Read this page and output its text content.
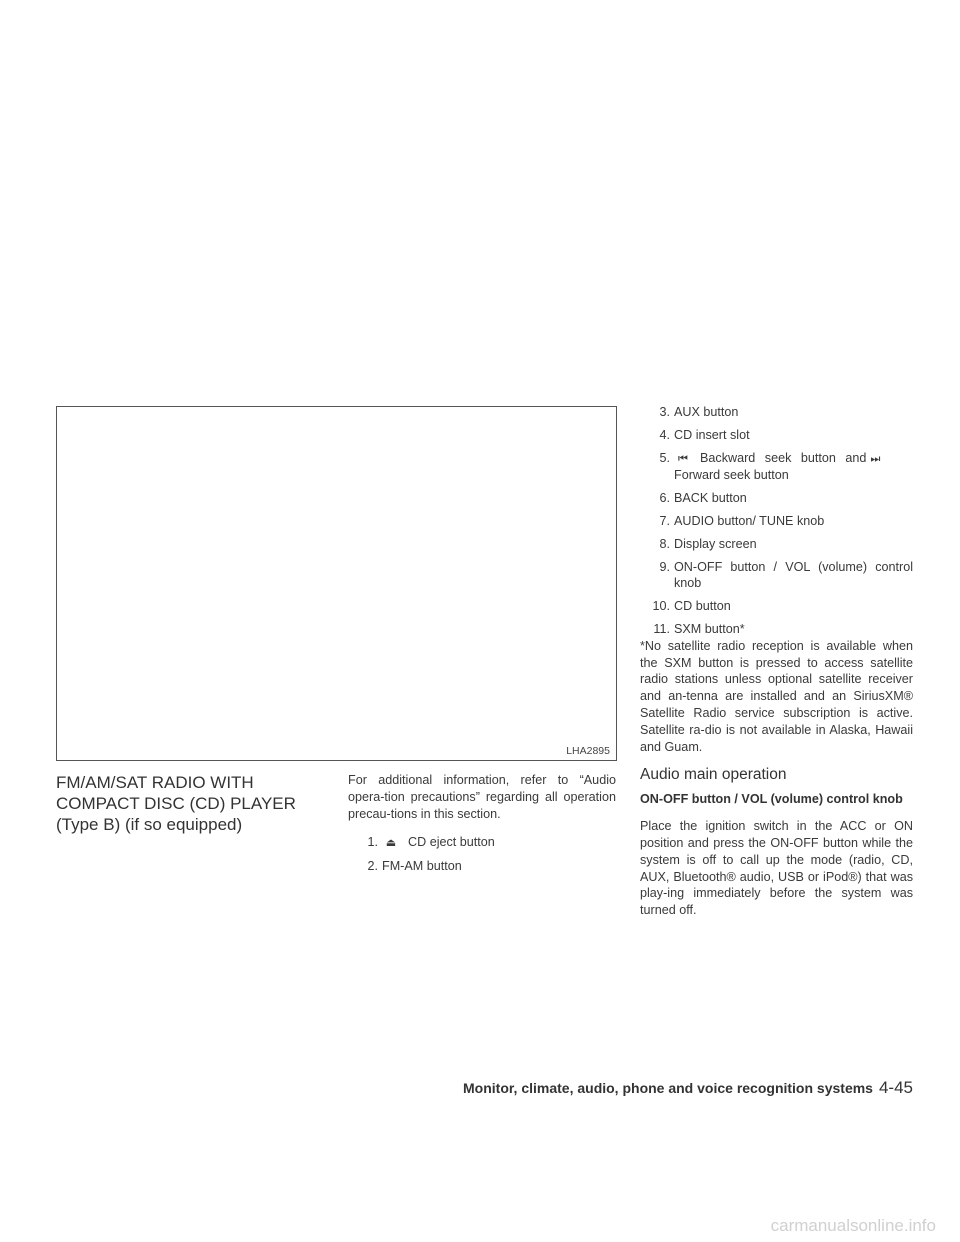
LHA2895
FM/AM/SAT RADIO WITH COMPACT DISC (CD) PLAYER (Type B) (if so equipped)

For additional information, refer to “Audio opera-tion precautions” regarding all operation precau-tions in this section.

1. ⏏ CD eject button
2. FM-AM button
3. AUX button
4. CD insert slot
5. ⏮ Backward seek button and ⏭
Forward seek button
6. BACK button
7. AUDIO button/ TUNE knob
8. Display screen
9. ON-OFF button / VOL (volume) control knob
10. CD button
11. SXM button*

*No satellite radio reception is available when the SXM button is pressed to access satellite radio stations unless optional satellite receiver and an-tenna are installed and an SiriusXM® Satellite Radio service subscription is active. Satellite ra-dio is not available in Alaska, Hawaii and Guam.

Audio main operation

ON-OFF button / VOL (volume) control knob

Place the ignition switch in the ACC or ON position and press the ON-OFF button while the system is off to call up the mode (radio, CD, AUX, Bluetooth® audio, USB or iPod®) that was play-ing immediately before the system was turned off.

Monitor, climate, audio, phone and voice recognition systems 4-45
carmanualsonline.info
